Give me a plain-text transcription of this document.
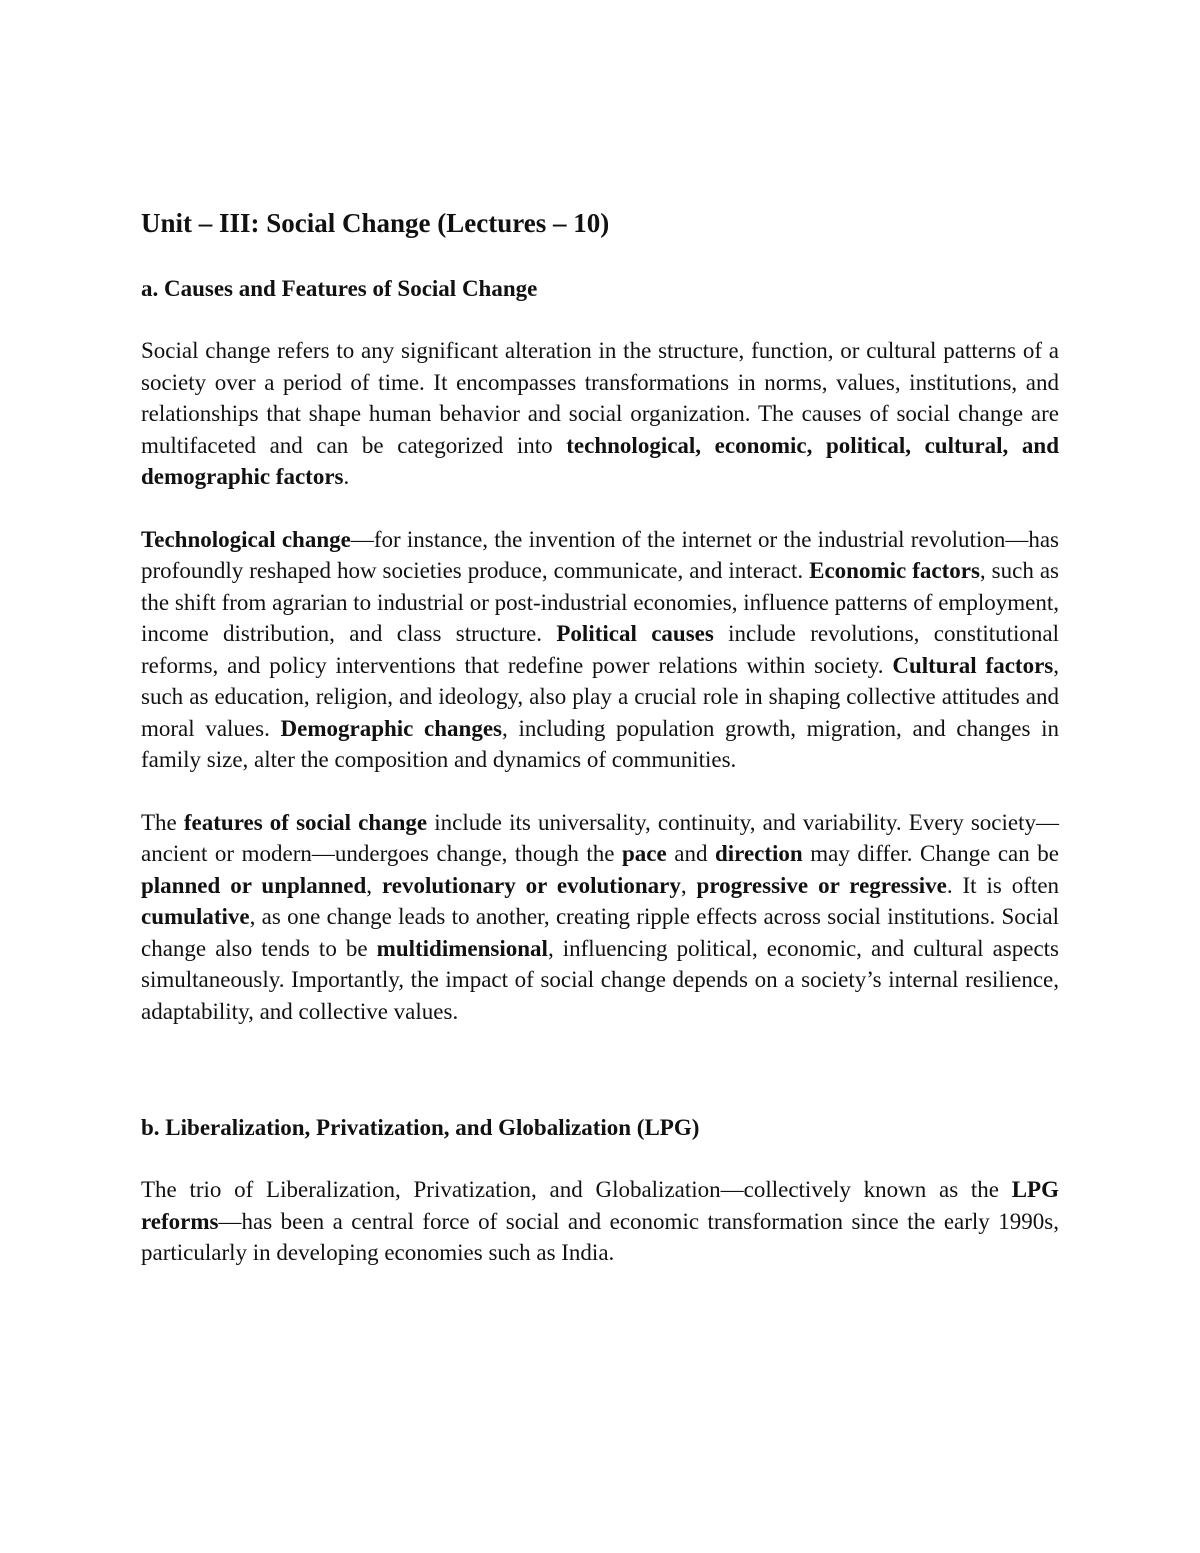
Unit – III: Social Change (Lectures – 10)
a. Causes and Features of Social Change

Social change refers to any significant alteration in the structure, function, or cultural patterns of a society over a period of time. It encompasses transformations in norms, values, institutions, and relationships that shape human behavior and social organization. The causes of social change are multifaceted and can be categorized into technological, economic, political, cultural, and demographic factors.

Technological change—for instance, the invention of the internet or the industrial revolution—has profoundly reshaped how societies produce, communicate, and interact. Economic factors, such as the shift from agrarian to industrial or post-industrial economies, influence patterns of employment, income distribution, and class structure. Political causes include revolutions, constitutional reforms, and policy interventions that redefine power relations within society. Cultural factors, such as education, religion, and ideology, also play a crucial role in shaping collective attitudes and moral values. Demographic changes, including population growth, migration, and changes in family size, alter the composition and dynamics of communities.

The features of social change include its universality, continuity, and variability. Every society—ancient or modern—undergoes change, though the pace and direction may differ. Change can be planned or unplanned, revolutionary or evolutionary, progressive or regressive. It is often cumulative, as one change leads to another, creating ripple effects across social institutions. Social change also tends to be multidimensional, influencing political, economic, and cultural aspects simultaneously. Importantly, the impact of social change depends on a society’s internal resilience, adaptability, and collective values.

b. Liberalization, Privatization, and Globalization (LPG)

The trio of Liberalization, Privatization, and Globalization—collectively known as the LPG reforms—has been a central force of social and economic transformation since the early 1990s, particularly in developing economies such as India.
